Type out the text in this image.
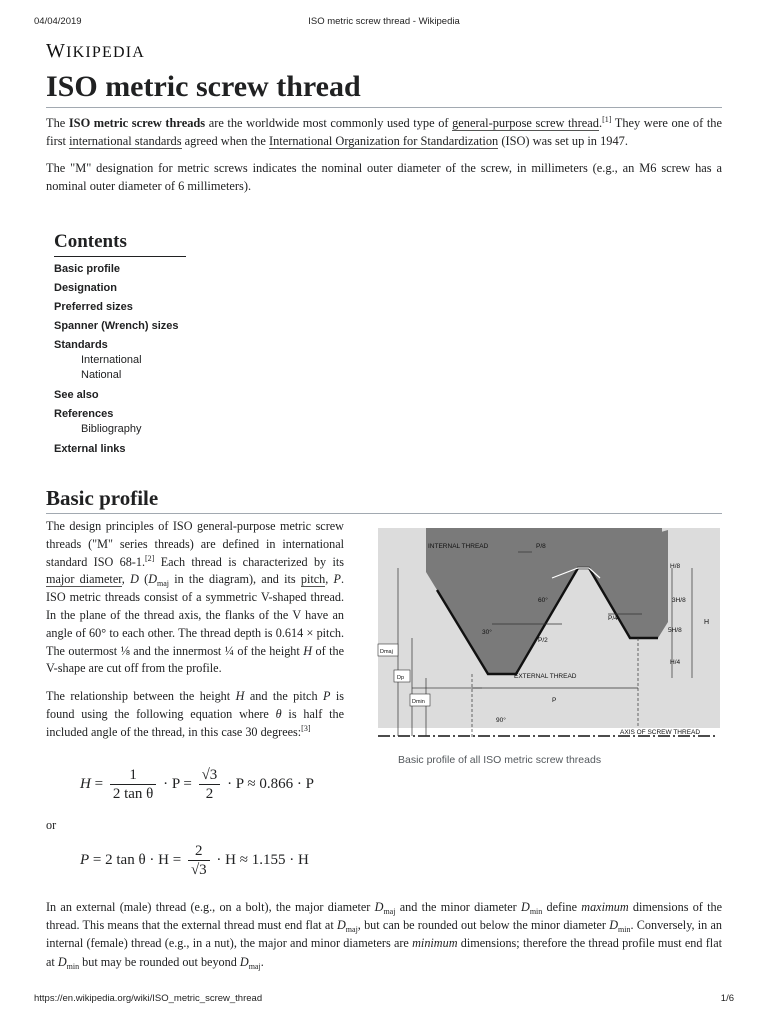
04/04/2019	ISO metric screw thread - Wikipedia
WIKIPEDIA
ISO metric screw thread

The ISO metric screw threads are the worldwide most commonly used type of general-purpose screw thread.[1] They were one of the first international standards agreed when the International Organization for Standardization (ISO) was set up in 1947.

The "M" designation for metric screws indicates the nominal outer diameter of the screw, in millimeters (e.g., an M6 screw has a nominal outer diameter of 6 millimeters).

Contents
Basic profile
Designation
Preferred sizes
Spanner (Wrench) sizes
Standards
International
National
See also
References
Bibliography
External links
Basic profile

The design principles of ISO general-purpose metric screw threads ("M" series threads) are defined in international standard ISO 68-1.[2] Each thread is characterized by its major diameter, D ($D_{maj}$ in the diagram), and its pitch, P. ISO metric threads consist of a symmetric V-shaped thread. In the plane of the thread axis, the flanks of the V have an angle of 60° to each other. The thread depth is 0.614 × pitch. The outermost ⅛ and the innermost ¼ of the height H of the V-shape are cut off from the profile.

The relationship between the height H and the pitch P is found using the following equation where θ is half the included angle of the thread, in this case 30 degrees:[3]

INTERNAL THREAD
EXTERNAL THREAD
AXIS OF SCREW THREAD
P/8
60°
30°
P/2
P/4
P
90°
H/8
3H/8
5H/8
H/4
H
Dmaj
Dp
Dmin
Basic profile of all ISO metric screw threads
$H = \frac{1}{\text{2 tan θ}} \cdot P = \frac{√3}{2} \cdot P \approx 0.866 \cdot P$
or
P = 2 $\tan \theta \cdot H = \frac{2}{√3} \cdot H \approx 1.155 \cdot H$

In an external (male) thread (e.g., on a bolt), the major diameter $D_{maj}$ and the minor diameter $D_{min}$ define maximum dimensions of the thread. This means that the external thread must end flat at $D_{maj}$, but can be rounded out below the minor diameter $D_{min}$. Conversely, in an internal (female) thread (e.g., in a nut), the major and minor diameters are minimum dimensions; therefore the thread profile must end flat at $D_{min}$ but may be rounded out beyond $D_{maj}$.

https://en.wikipedia.org/wiki/ISO_metric_screw_thread	1/6
